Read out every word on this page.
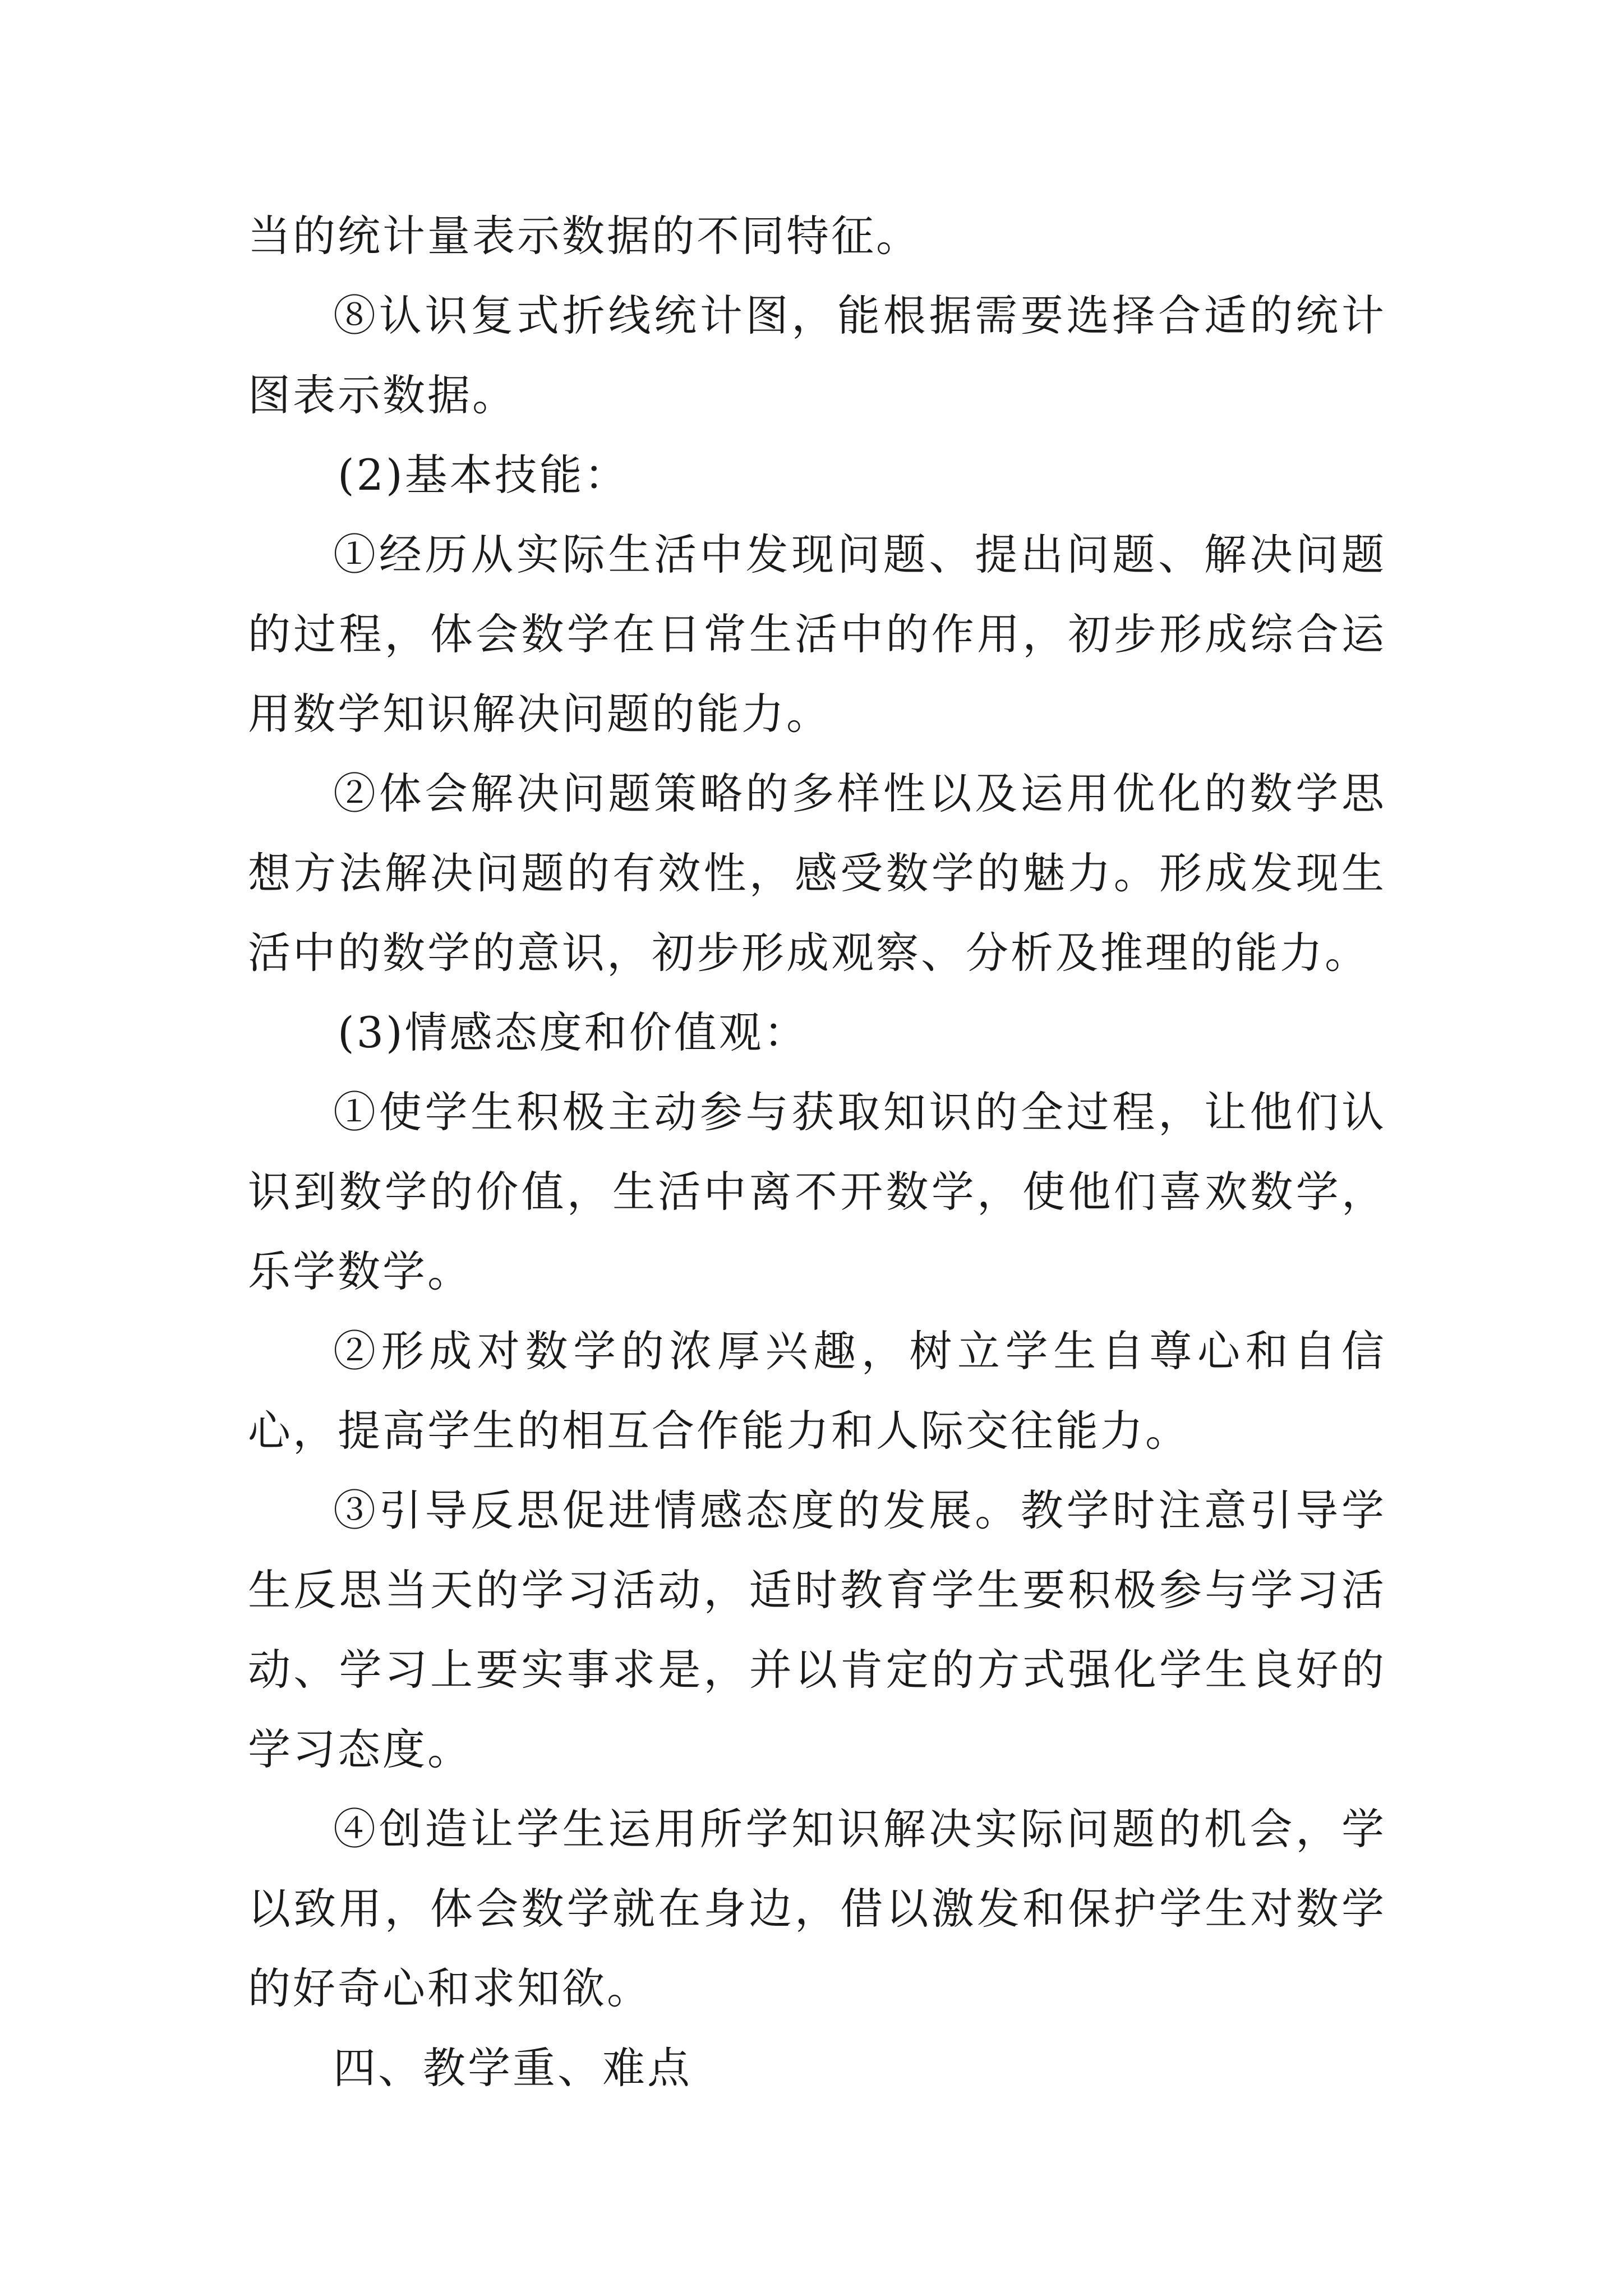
当的统计量表示数据的不同特征。

⑧认识复式折线统计图，能根据需要选择合适的统计图表示数据。

(2)基本技能：

①经历从实际生活中发现问题、提出问题、解决问题的过程，体会数学在日常生活中的作用，初步形成综合运用数学知识解决问题的能力。

②体会解决问题策略的多样性以及运用优化的数学思想方法解决问题的有效性，感受数学的魅力。形成发现生活中的数学的意识，初步形成观察、分析及推理的能力。

(3)情感态度和价值观：

①使学生积极主动参与获取知识的全过程，让他们认识到数学的价值，生活中离不开数学，使他们喜欢数学，乐学数学。

②形成对数学的浓厚兴趣，树立学生自尊心和自信心，提高学生的相互合作能力和人际交往能力。

③引导反思促进情感态度的发展。教学时注意引导学生反思当天的学习活动，适时教育学生要积极参与学习活动、学习上要实事求是，并以肯定的方式强化学生良好的学习态度。

④创造让学生运用所学知识解决实际问题的机会，学以致用，体会数学就在身边，借以激发和保护学生对数学的好奇心和求知欲。

四、教学重、难点
